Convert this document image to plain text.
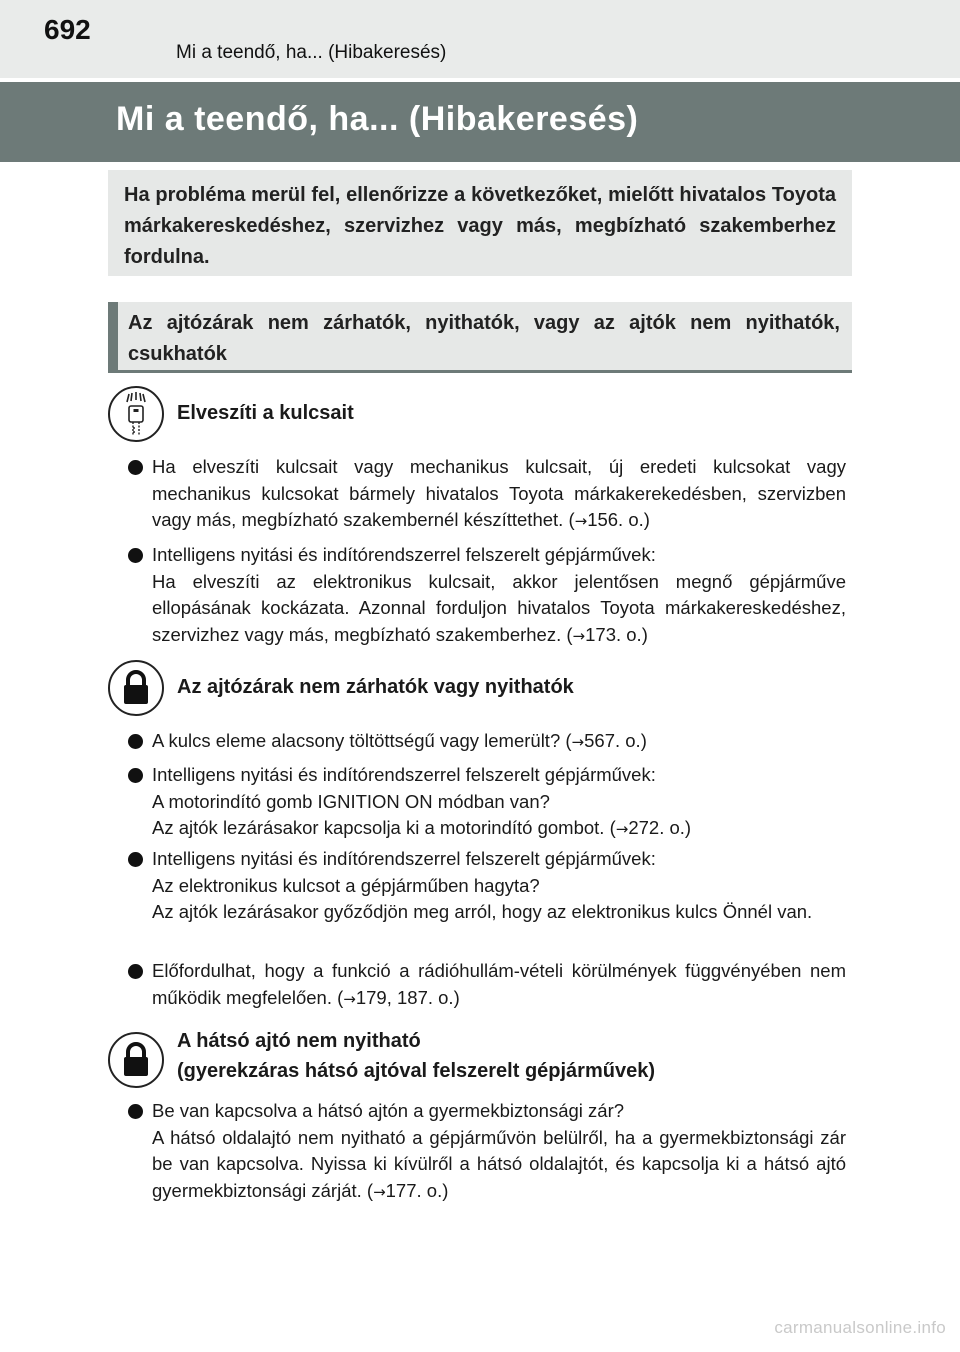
692
Mi a teendő, ha... (Hibakeresés)
Mi a teendő, ha... (Hibakeresés)

Ha probléma merül fel, ellenőrizze a következőket, mielőtt hivatalos Toyota márkakereskedéshez, szervizhez vagy más, megbízható szakemberhez fordulna.

Az ajtózárak nem zárhatók, nyithatók, vagy az ajtók nem nyithatók, csukhatók

Elveszíti a kulcsait
Ha elveszíti kulcsait vagy mechanikus kulcsait, új eredeti kulcsokat vagy mechanikus kulcsokat bármely hivatalos Toyota márkakerekedésben, szervizben vagy más, megbízható szakembernél készíttethet. (→156. o.)
Intelligens nyitási és indítórendszerrel felszerelt gépjárművek:
Ha elveszíti az elektronikus kulcsait, akkor jelentősen megnő gépjárműve ellopásának kockázata. Azonnal forduljon hivatalos Toyota márkakereskedéshez, szervizhez vagy más, megbízható szakemberhez. (→173. o.)
Az ajtózárak nem zárhatók vagy nyithatók
A kulcs eleme alacsony töltöttségű vagy lemerült? (→567. o.)
Intelligens nyitási és indítórendszerrel felszerelt gépjárművek:
A motorindító gomb IGNITION ON módban van?
Az ajtók lezárásakor kapcsolja ki a motorindító gombot. (→272. o.)
Intelligens nyitási és indítórendszerrel felszerelt gépjárművek:
Az elektronikus kulcsot a gépjárműben hagyta?
Az ajtók lezárásakor győződjön meg arról, hogy az elektronikus kulcs Önnél van.
Előfordulhat, hogy a funkció a rádióhullám-vételi körülmények függvényében nem működik megfelelően. (→179, 187. o.)
A hátsó ajtó nem nyitható
(gyerekzáras hátsó ajtóval felszerelt gépjárművek)
Be van kapcsolva a hátsó ajtón a gyermekbiztonsági zár?
A hátsó oldalajtó nem nyitható a gépjárművön belülről, ha a gyermekbiztonsági zár be van kapcsolva. Nyissa ki kívülről a hátsó oldalajtót, és kapcsolja ki a hátsó ajtó gyermekbiztonsági zárját. (→177. o.)
carmanualsonline.info
